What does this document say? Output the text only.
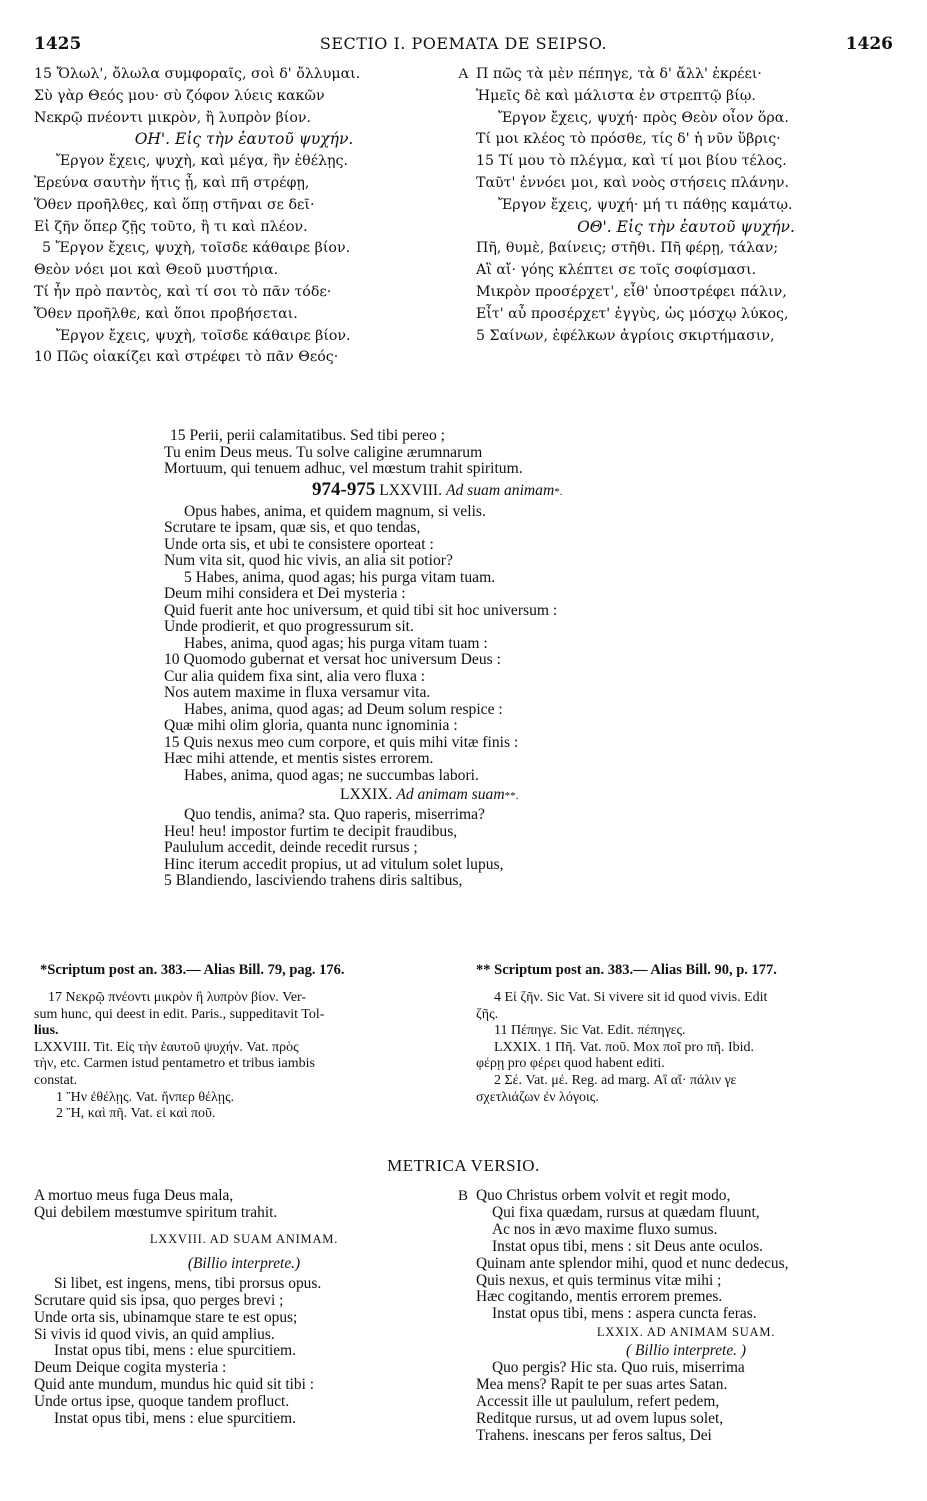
1425	SECTIO I. POEMATA DE SEIPSO.	1426
15 Ὄλωλ', ὄλωλα συμφοραῖς, σοὶ δ' ὄλλυμαι.
Σὺ γὰρ Θεός μου· σὺ ζόφον λύεις κακῶν
Νεκρῷ πνέοντι μικρὸν, ἢ λυπρὸν βίον.
ΟΗ'. Εἰς τὴν ἑαυτοῦ ψυχήν.
Ἔργον ἔχεις, ψυχὴ, καὶ μέγα, ἢν ἐθέλῃς.
Ἐρεύνα σαυτὴν ἥτις ᾖ, καὶ πῆ στρέφῃ,
Ὅθεν προῆλθες, καὶ ὅπῃ στῆναι σε δεῖ·
Εἰ ζῆν ὅπερ ζῇς τοῦτο, ἢ τι καὶ πλέον.
5 Ἔργον ἔχεις, ψυχὴ, τοῖσδε κάθαιρε βίον.
Θεὸν νόει μοι καὶ Θεοῦ μυστήρια.
Τί ἦν πρὸ παντὸς, καὶ τί σοι τὸ πᾶν τόδε·
Ὅθεν προῆλθε, καὶ ὅποι προβήσεται.
Ἔργον ἔχεις, ψυχὴ, τοῖσδε κάθαιρε βίον.
10 Πῶς οἰακίζει καὶ στρέφει τὸ πᾶν Θεός·
A Π πῶς τὰ μὲν πέπηγε, τὰ δ' ἄλλ' ἐκρέει·
Ἡμεῖς δὲ καὶ μάλιστα ἐν στρεπτῷ βίῳ.
Ἔργον ἔχεις, ψυχή· πρὸς Θεὸν οἶον ὅρα.
Τί μοι κλέος τὸ πρόσθε, τίς δ' ἡ νῦν ὕβρις·
15 Τί μου τὸ πλέγμα, καὶ τί μοι βίου τέλος.
Ταῦτ' ἐννόει μοι, καὶ νοὸς στήσεις πλάνην.
Ἔργον ἔχεις, ψυχή· μή τι πάθῃς καμάτῳ.
ΟΘ'. Εἰς τὴν ἑαυτοῦ ψυχήν.
Πῆ, θυμὲ, βαίνεις; στῆθι. Πῆ φέρῃ, τάλαν;
Αἲ αἴ· γόης κλέπτει σε τοῖς σοφίσμασι.
Μικρὸν προσέρχετ', εἶθ' ὑποστρέφει πάλιν,
Εἶτ' αὖ προσέρχετ' ἐγγὺς, ὡς μόσχῳ λύκος,
5 Σαίνων, ἐφέλκων ἀγρίοις σκιρτήμασιν,
15 Perii, perii calamitatibus. Sed tibi pereo ;
Tu enim Deus meus. Tu solve caligine ærumnarum
Mortuum, qui tenuem adhuc, vel mœstum trahit spiritum.
974-975 LXXVIII. Ad suam animam*.
Opus habes, anima, et quidem magnum, si velis.
Scrutare te ipsam, quæ sis, et quo tendas,
Unde orta sis, et ubi te consistere oporteat :
Num vita sit, quod hic vivis, an alia sit potior?
5 Habes, anima, quod agas; his purga vitam tuam.
Deum mihi considera et Dei mysteria :
Quid fuerit ante hoc universum, et quid tibi sit hoc universum :
Unde prodierit, et quo progressurum sit.
Habes, anima, quod agas; his purga vitam tuam :
10 Quomodo gubernat et versat hoc universum Deus :
Cur alia quidem fixa sint, alia vero fluxa :
Nos autem maxime in fluxa versamur vita.
Habes, anima, quod agas; ad Deum solum respice :
Quæ mihi olim gloria, quanta nunc ignominia :
15 Quis nexus meo cum corpore, et quis mihi vitæ finis :
Hæc mihi attende, et mentis sistes errorem.
Habes, anima, quod agas; ne succumbas labori.
LXXIX. Ad animam suam**.
Quo tendis, anima? sta. Quo raperis, miserrima?
Heu! heu! impostor furtim te decipit fraudibus,
Paululum accedit, deinde recedit rursus ;
Hinc iterum accedit propius, ut ad vitulum solet lupus,
5 Blandiendo, lasciviendo trahens diris saltibus,
*Scriptum post an. 383.— Alias Bill. 79, pag. 176.	** Scriptum post an. 383.— Alias Bill. 90, p. 177.
17 Νεκρῷ πνέοντι μικρὸν ἢ λυπρὸν βίον. Ver-
sum hunc, qui deest in edit. Paris., suppeditavit Tol-
lius.
LXXVIII. Tit. Εἰς τὴν ἑαυτοῦ ψυχήν. Vat. πρὸς
τὴν, etc. Carmen istud pentametro et tribus iambis
constat.
1 Ἢν ἐθέλῃς. Vat. ἤνπερ θέλῃς.
2 Ἢ, καὶ πῆ. Vat. εἰ καὶ ποῦ.
4 Εἰ ζῆν. Sic Vat. Si vivere sit id quod vivis. Edit
ζῆς.
11 Πέπηγε. Sic Vat. Edit. πέπηγες.
LXXIX. 1 Πῆ. Vat. ποῦ. Mox ποῖ pro πῆ. Ibid.
φέρῃ pro φέρει quod habent editi.
2 Σέ. Vat. μέ. Reg. ad marg. Αἲ αἴ· πάλιν γε
σχετλιάζων ἐν λόγοις.
METRICA VERSIO.
A mortuo meus fuga Deus mala,
Qui debilem mœstumve spiritum trahit.
LXXVIII. AD SUAM ANIMAM.
(Billio interprete.)
Si libet, est ingens, mens, tibi prorsus opus.
Scrutare quid sis ipsa, quo perges brevi ;
Unde orta sis, ubinamque stare te est opus;
Si vivis id quod vivis, an quid amplius.
Instat opus tibi, mens : elue spurcitiem.
Deum Deique cogita mysteria :
Quid ante mundum, mundus hic quid sit tibi :
Unde ortus ipse, quoque tandem profluct.
Instat opus tibi, mens : elue spurcitiem.
B Quo Christus orbem volvit et regit modo,
Qui fixa quædam, rursus at quædam fluunt,
Ac nos in ævo maxime fluxo sumus.
Instat opus tibi, mens : sit Deus ante oculos.
Quinam ante splendor mihi, quod et nunc dedecus,
Quis nexus, et quis terminus vitæ mihi ;
Hæc cogitando, mentis errorem premes.
Instat opus tibi, mens : aspera cuncta feras.
LXXIX. AD ANIMAM SUAM.
( Billio interprete. )
Quo pergis? Hic sta. Quo ruis, miserrima
Mea mens? Rapit te per suas artes Satan.
Accessit ille ut paululum, refert pedem,
Reditque rursus, ut ad ovem lupus solet,
Trahens. inescans per feros saltus, Dei
